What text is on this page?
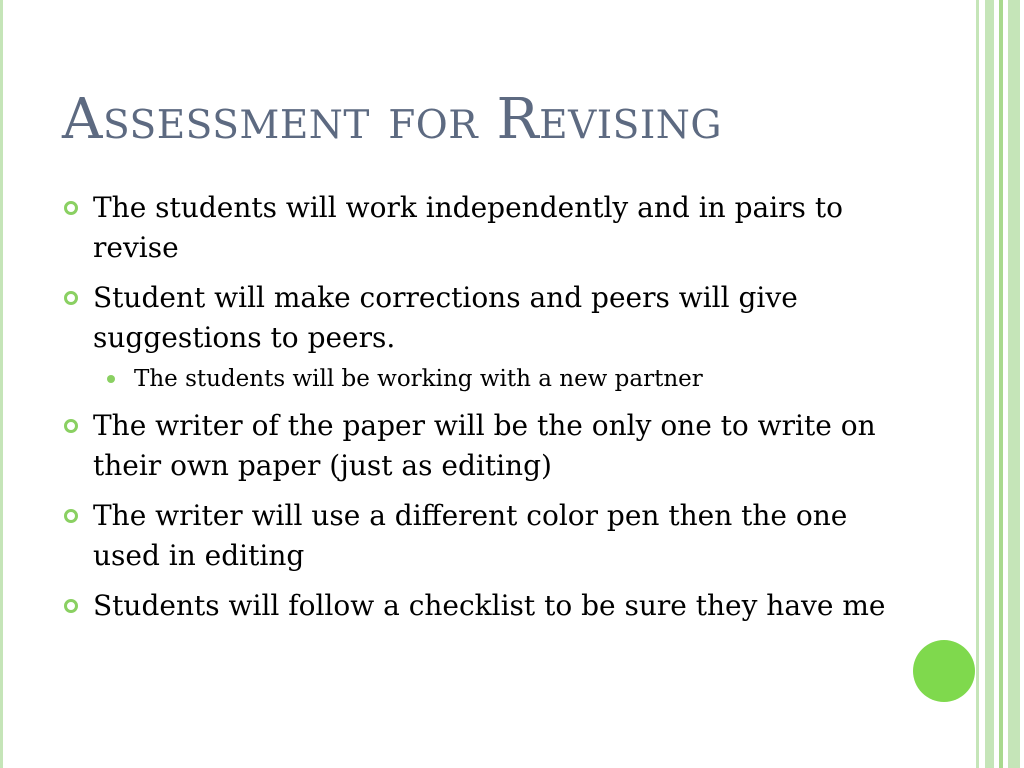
Assessment for Revising
The students will work independently and in pairs to revise
Student will make corrections and peers will give suggestions to peers.
The students will be working with a new partner
The writer of the paper will be the only one to write on their own paper (just as editing)
The writer will use a different color pen then the one used in editing
Students will follow a checklist to be sure they have me
